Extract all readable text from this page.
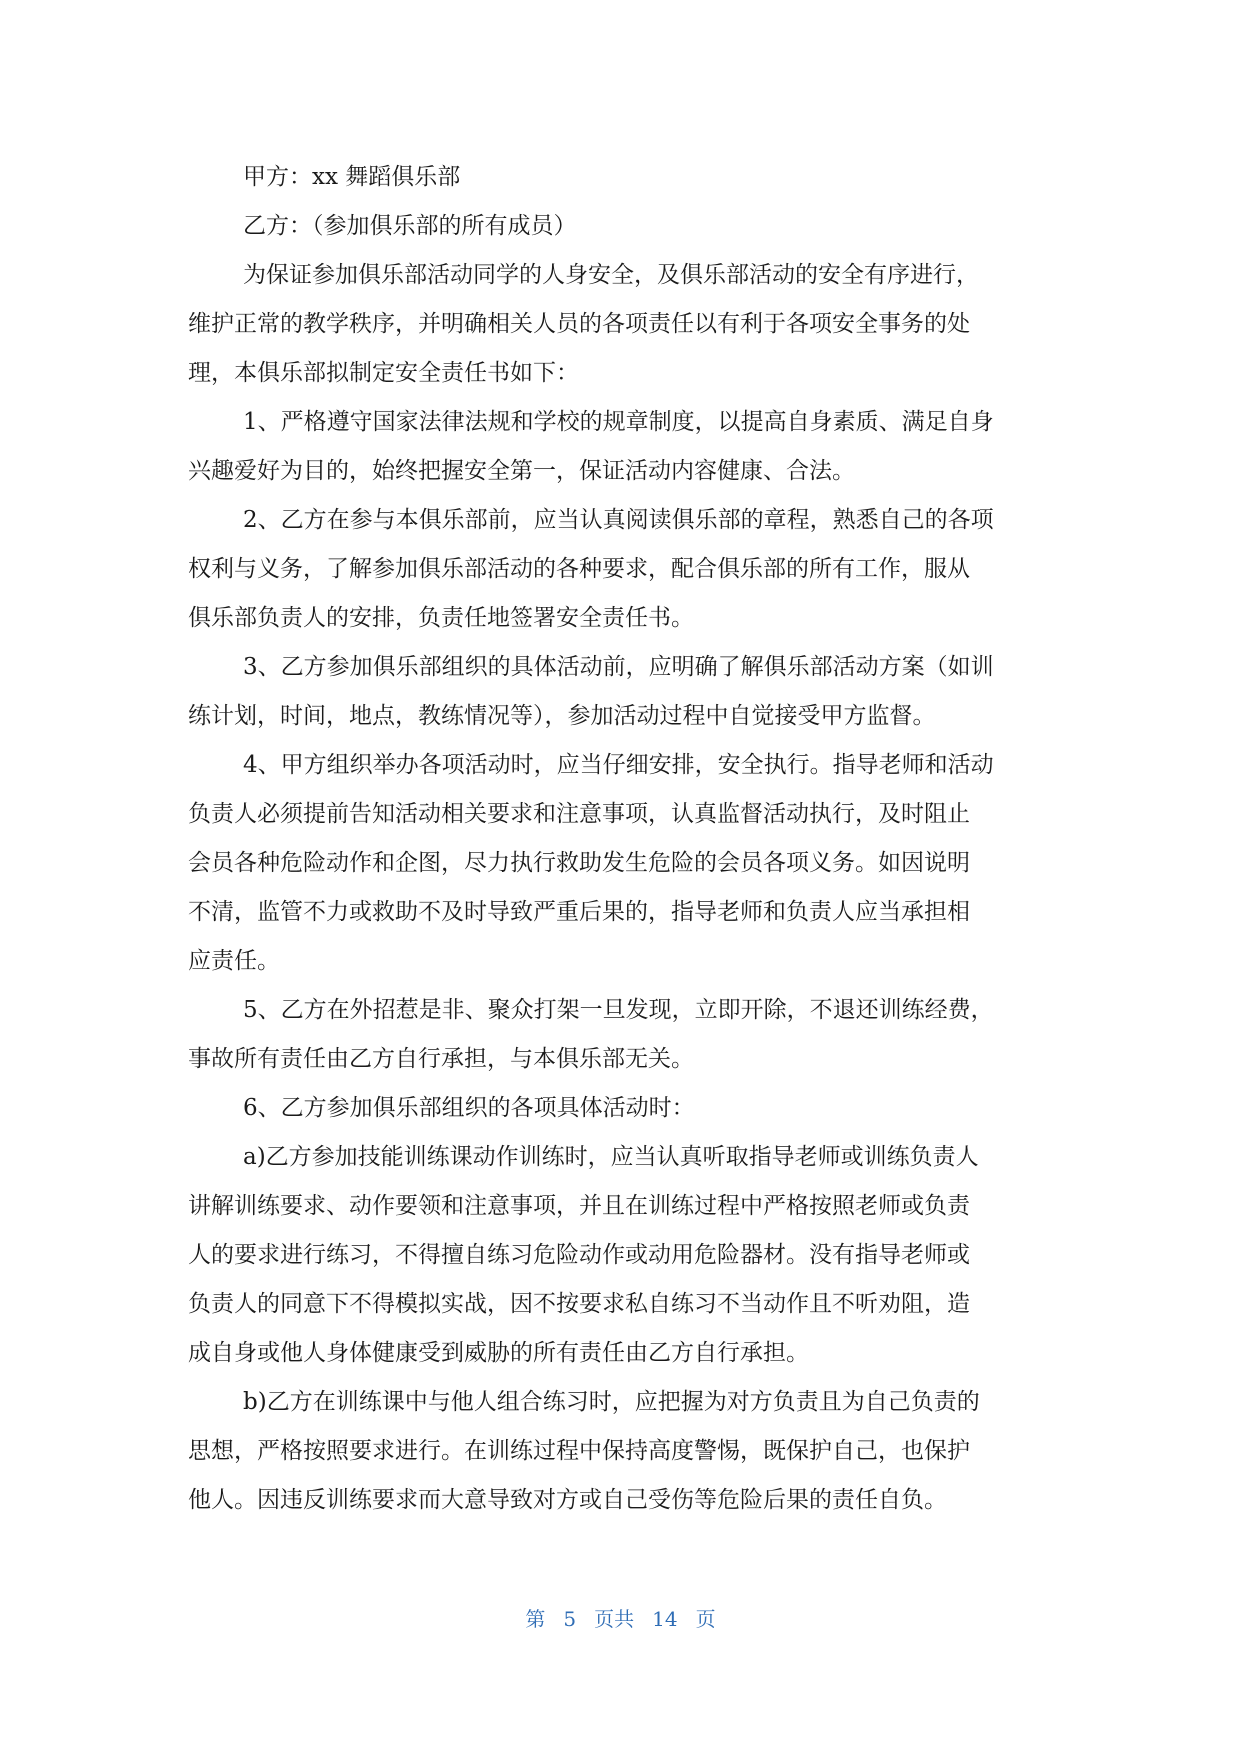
甲方：xx 舞蹈俱乐部
乙方：（参加俱乐部的所有成员）
为保证参加俱乐部活动同学的人身安全，及俱乐部活动的安全有序进行，
维护正常的教学秩序，并明确相关人员的各项责任以有利于各项安全事务的处
理，本俱乐部拟制定安全责任书如下：
1、严格遵守国家法律法规和学校的规章制度，以提高自身素质、满足自身
兴趣爱好为目的，始终把握安全第一，保证活动内容健康、合法。
2、乙方在参与本俱乐部前，应当认真阅读俱乐部的章程，熟悉自己的各项
权利与义务，了解参加俱乐部活动的各种要求，配合俱乐部的所有工作，服从
俱乐部负责人的安排，负责任地签署安全责任书。
3、乙方参加俱乐部组织的具体活动前，应明确了解俱乐部活动方案（如训
练计划，时间，地点，教练情况等），参加活动过程中自觉接受甲方监督。
4、甲方组织举办各项活动时，应当仔细安排，安全执行。指导老师和活动
负责人必须提前告知活动相关要求和注意事项，认真监督活动执行，及时阻止
会员各种危险动作和企图，尽力执行救助发生危险的会员各项义务。如因说明
不清，监管不力或救助不及时导致严重后果的，指导老师和负责人应当承担相
应责任。
5、乙方在外招惹是非、聚众打架一旦发现，立即开除，不退还训练经费，
事故所有责任由乙方自行承担，与本俱乐部无关。
6、乙方参加俱乐部组织的各项具体活动时：
a)乙方参加技能训练课动作训练时，应当认真听取指导老师或训练负责人
讲解训练要求、动作要领和注意事项，并且在训练过程中严格按照老师或负责
人的要求进行练习，不得擅自练习危险动作或动用危险器材。没有指导老师或
负责人的同意下不得模拟实战，因不按要求私自练习不当动作且不听劝阻，造
成自身或他人身体健康受到威胁的所有责任由乙方自行承担。
b)乙方在训练课中与他人组合练习时，应把握为对方负责且为自己负责的
思想，严格按照要求进行。在训练过程中保持高度警惕，既保护自己，也保护
他人。因违反训练要求而大意导致对方或自己受伤等危险后果的责任自负。
第 5 页共 14 页
